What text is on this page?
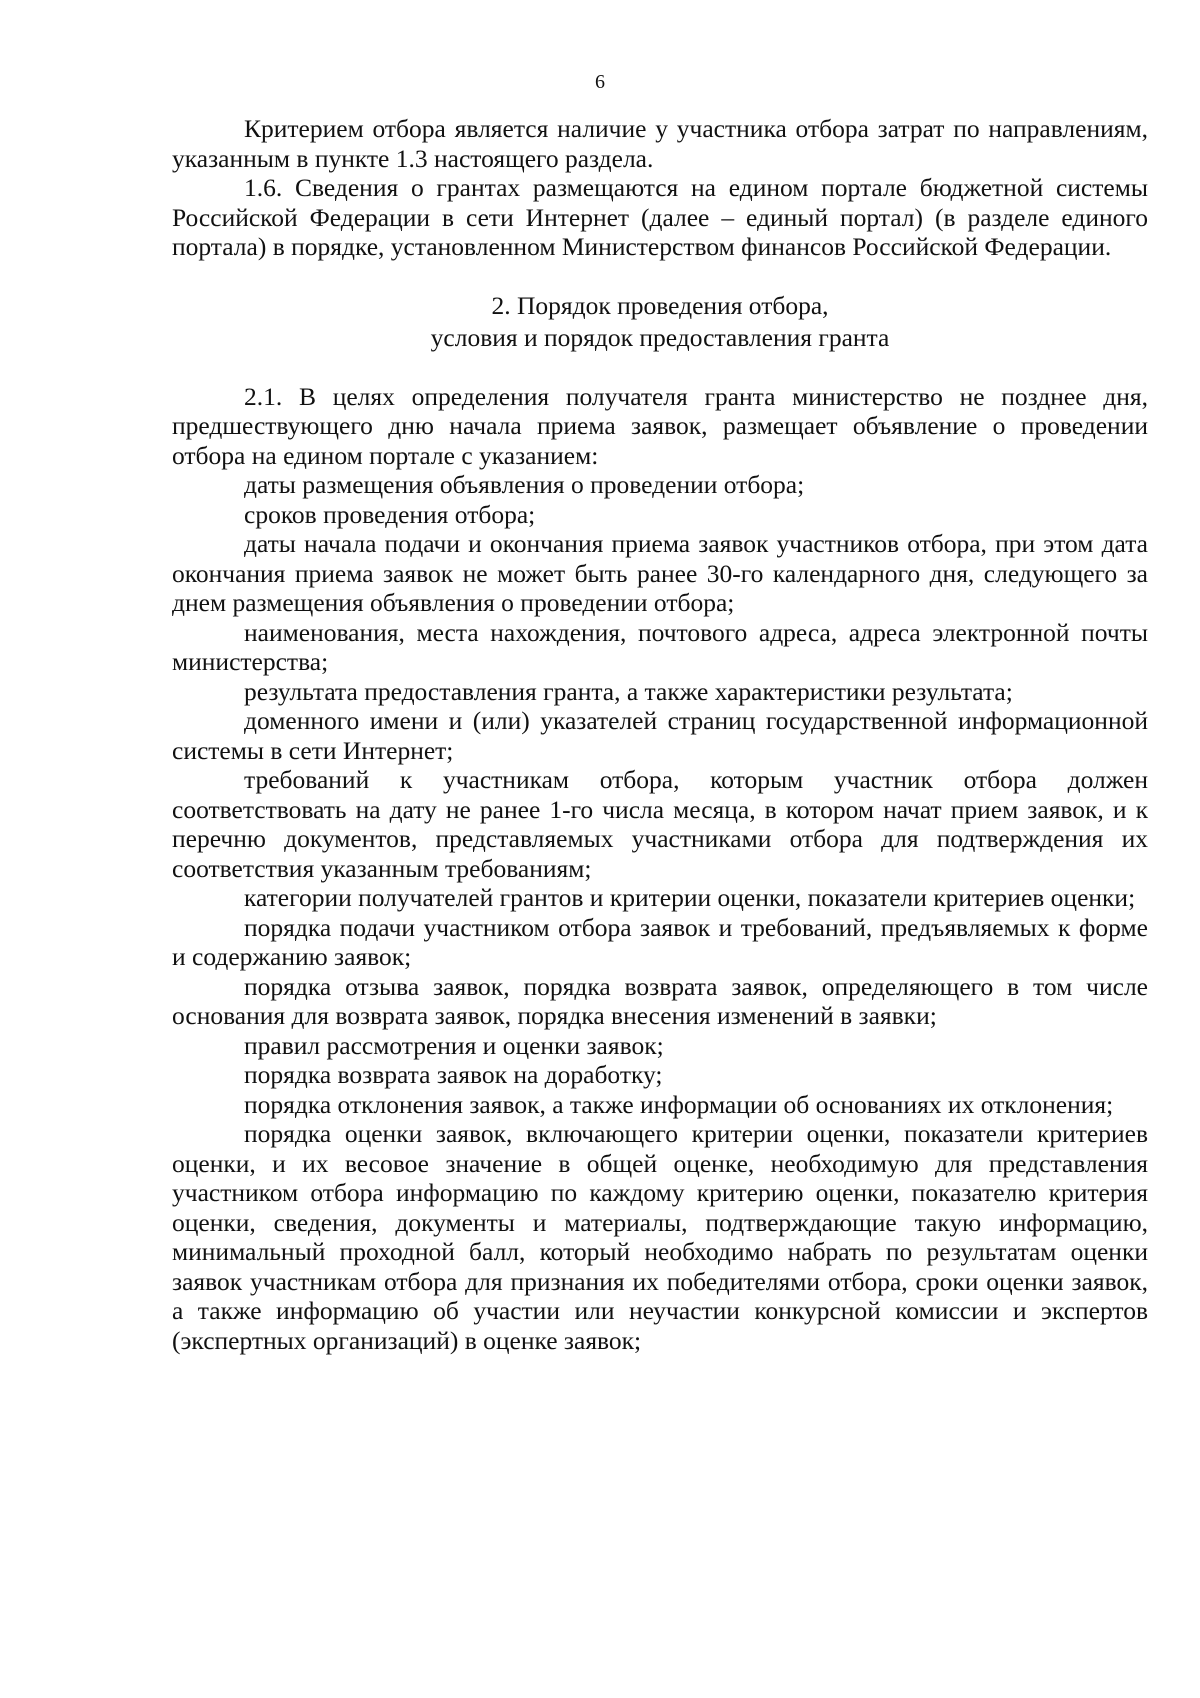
6

Критерием отбора является наличие у участника отбора затрат по направлениям, указанным в пункте 1.3 настоящего раздела.

1.6. Сведения о грантах размещаются на едином портале бюджетной системы Российской Федерации в сети Интернет (далее – единый портал) (в разделе единого портала) в порядке, установленном Министерством финансов Российской Федерации.

2. Порядок проведения отбора,

условия и порядок предоставления гранта

2.1. В целях определения получателя гранта министерство не позднее дня, предшествующего дню начала приема заявок, размещает объявление о проведении отбора на едином портале с указанием:

даты размещения объявления о проведении отбора;

сроков проведения отбора;

даты начала подачи и окончания приема заявок участников отбора, при этом дата окончания приема заявок не может быть ранее 30-го календарного дня, следующего за днем размещения объявления о проведении отбора;

наименования, места нахождения, почтового адреса, адреса электронной почты министерства;

результата предоставления гранта, а также характеристики результата;

доменного имени и (или) указателей страниц государственной информационной системы в сети Интернет;

требований к участникам отбора, которым участник отбора должен соответствовать на дату не ранее 1-го числа месяца, в котором начат прием заявок, и к перечню документов, представляемых участниками отбора для подтверждения их соответствия указанным требованиям;

категории получателей грантов и критерии оценки, показатели критериев оценки;

порядка подачи участником отбора заявок и требований, предъявляемых к форме и содержанию заявок;

порядка отзыва заявок, порядка возврата заявок, определяющего в том числе основания для возврата заявок, порядка внесения изменений в заявки;

правил рассмотрения и оценки заявок;

порядка возврата заявок на доработку;

порядка отклонения заявок, а также информации об основаниях их отклонения;

порядка оценки заявок, включающего критерии оценки, показатели критериев оценки, и их весовое значение в общей оценке, необходимую для представления участником отбора информацию по каждому критерию оценки, показателю критерия оценки, сведения, документы и материалы, подтверждающие такую информацию, минимальный проходной балл, который необходимо набрать по результатам оценки заявок участникам отбора для признания их победителями отбора, сроки оценки заявок, а также информацию об участии или неучастии конкурсной комиссии и экспертов (экспертных организаций) в оценке заявок;
